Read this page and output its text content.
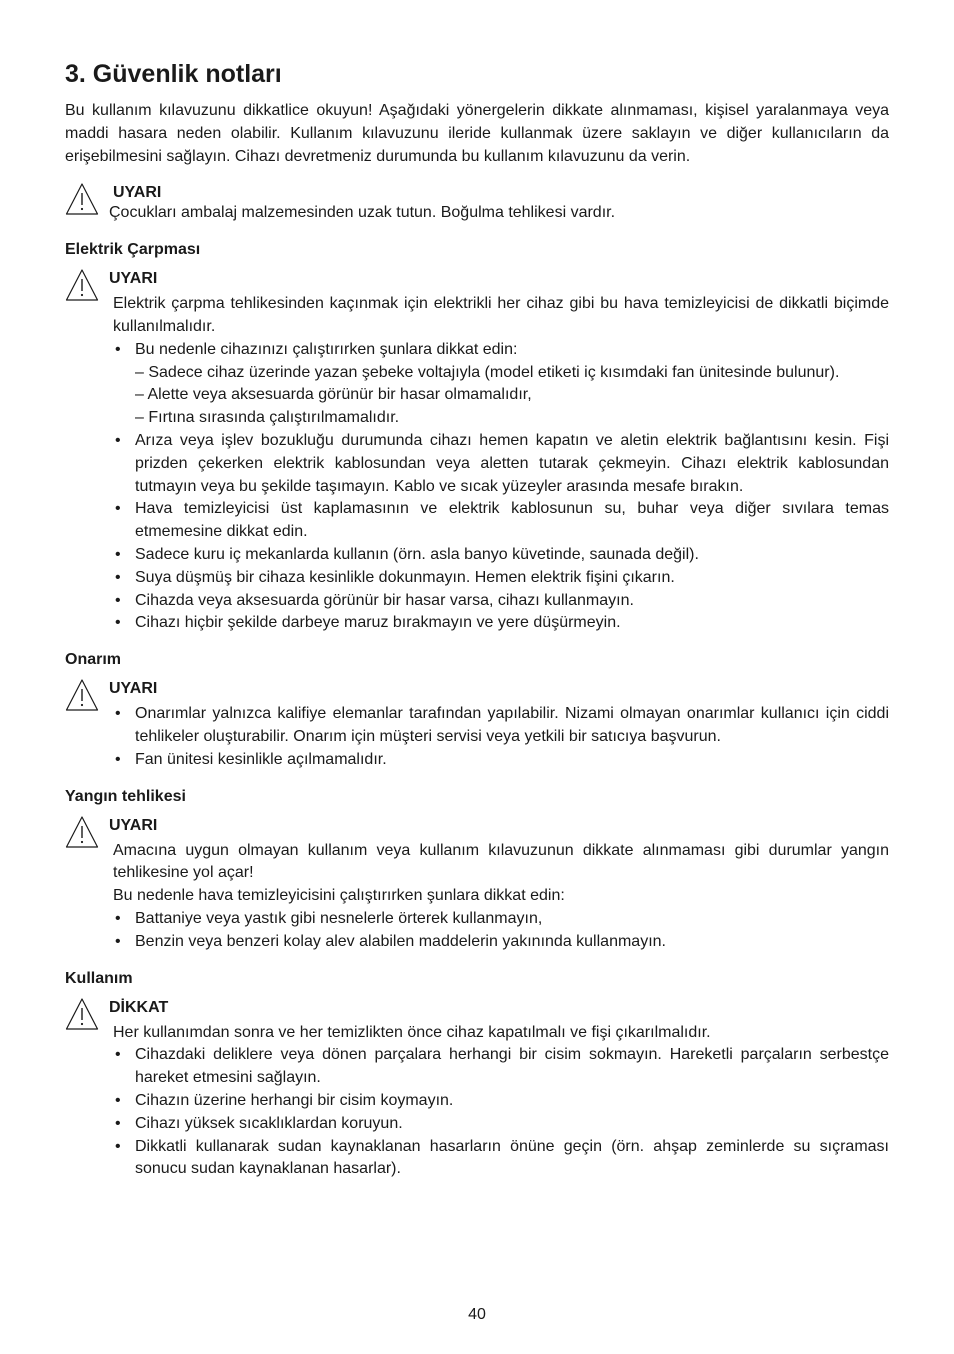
3. Güvenlik notları

Bu kullanım kılavuzunu dikkatlice okuyun! Aşağıdaki yönergelerin dikkate alınmaması, kişisel yaralanmaya veya maddi hasara neden olabilir. Kullanım kılavuzunu ileride kullanmak üzere saklayın ve diğer kullanıcıların da erişebilmesini sağlayın. Cihazı devretmeniz durumunda bu kullanım kılavuzunu da verin.

UYARI

Çocukları ambalaj malzemesinden uzak tutun. Boğulma tehlikesi vardır.

Elektrik Çarpması
UYARI

Elektrik çarpma tehlikesinden kaçınmak için elektrikli her cihaz gibi bu hava temizleyicisi de dikkatli biçimde kullanılmalıdır.

• Bu nedenle cihazınızı çalıştırırken şunlara dikkat edin:
– Sadece cihaz üzerinde yazan şebeke voltajıyla (model etiketi iç kısımdaki fan ünitesinde bulunur).
– Alette veya aksesuarda görünür bir hasar olmamalıdır,
– Fırtına sırasında çalıştırılmamalıdır.
• Arıza veya işlev bozukluğu durumunda cihazı hemen kapatın ve aletin elektrik bağlantısını kesin. Fişi prizden çekerken elektrik kablosundan veya aletten tutarak çekmeyin. Cihazı elektrik kablosundan tutmayın veya bu şekilde taşımayın. Kablo ve sıcak yüzeyler arasında mesafe bırakın.
• Hava temizleyicisi üst kaplamasının ve elektrik kablosunun su, buhar veya diğer sıvılara temas etmemesine dikkat edin.
• Sadece kuru iç mekanlarda kullanın (örn. asla banyo küvetinde, saunada değil).
• Suya düşmüş bir cihaza kesinlikle dokunmayın. Hemen elektrik fişini çıkarın.
• Cihazda veya aksesuarda görünür bir hasar varsa, cihazı kullanmayın.
• Cihazı hiçbir şekilde darbeye maruz bırakmayın ve yere düşürmeyin.
Onarım
UYARI
• Onarımlar yalnızca kalifiye elemanlar tarafından yapılabilir. Nizami olmayan onarımlar kullanıcı için ciddi tehlikeler oluşturabilir. Onarım için müşteri servisi veya yetkili bir satıcıya başvurun.
• Fan ünitesi kesinlikle açılmamalıdır.
Yangın tehlikesi
UYARI

Amacına uygun olmayan kullanım veya kullanım kılavuzunun dikkate alınmaması gibi durumlar yangın tehlikesine yol açar!

Bu nedenle hava temizleyicisini çalıştırırken şunlara dikkat edin:

• Battaniye veya yastık gibi nesnelerle örterek kullanmayın,
• Benzin veya benzeri kolay alev alabilen maddelerin yakınında kullanmayın.
Kullanım
DİKKAT

Her kullanımdan sonra ve her temizlikten önce cihaz kapatılmalı ve fişi çıkarılmalıdır.

• Cihazdaki deliklere veya dönen parçalara herhangi bir cisim sokmayın. Hareketli parçaların serbestçe hareket etmesini sağlayın.
• Cihazın üzerine herhangi bir cisim koymayın.
• Cihazı yüksek sıcaklıklardan koruyun.
• Dikkatli kullanarak sudan kaynaklanan hasarların önüne geçin (örn. ahşap zeminlerde su sıçraması sonucu sudan kaynaklanan hasarlar).
40
